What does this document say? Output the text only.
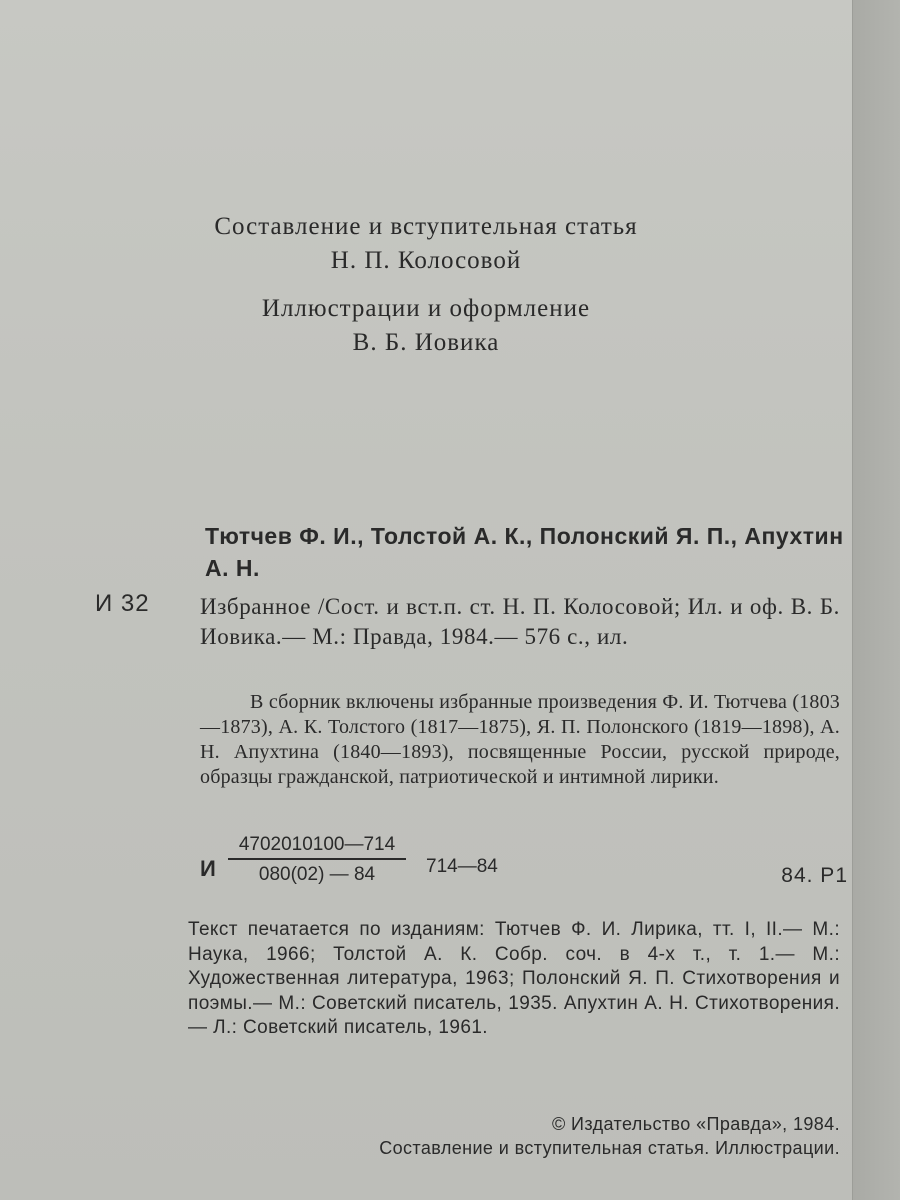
Составление и вступительная статья
Н. П. Колосовой
Иллюстрации и оформление
В. Б. Иовика
Тютчев Ф. И., Толстой А. К., Полонский Я. П., Апухтин А. Н.
И 32 Избранное /Сост. и вст.п. ст. Н. П. Колосовой; Ил. и оф. В. Б. Иовика.— М.: Правда, 1984.— 576 с., ил.
В сборник включены избранные произведения Ф. И. Тютчева (1803—1873), А. К. Толстого (1817—1875), Я. П. Полонского (1819—1898), А. Н. Апухтина (1840—1893), посвященные России, русской природе, образцы гражданской, патриотической и интимной лирики.
И $\frac{4702010100—714}{080(02) — 84}$ 714—84	84. Р1
Текст печатается по изданиям: Тютчев Ф. И. Лирика, тт. I, II.— М.: Наука, 1966; Толстой А. К. Собр. соч. в 4-х т., т. 1.— М.: Художественная литература, 1963; Полонский Я. П. Стихотворения и поэмы.— М.: Советский писатель, 1935. Апухтин А. Н. Стихотворения.— Л.: Советский писатель, 1961.
© Издательство «Правда», 1984.
Составление и вступительная статья. Иллюстрации.
